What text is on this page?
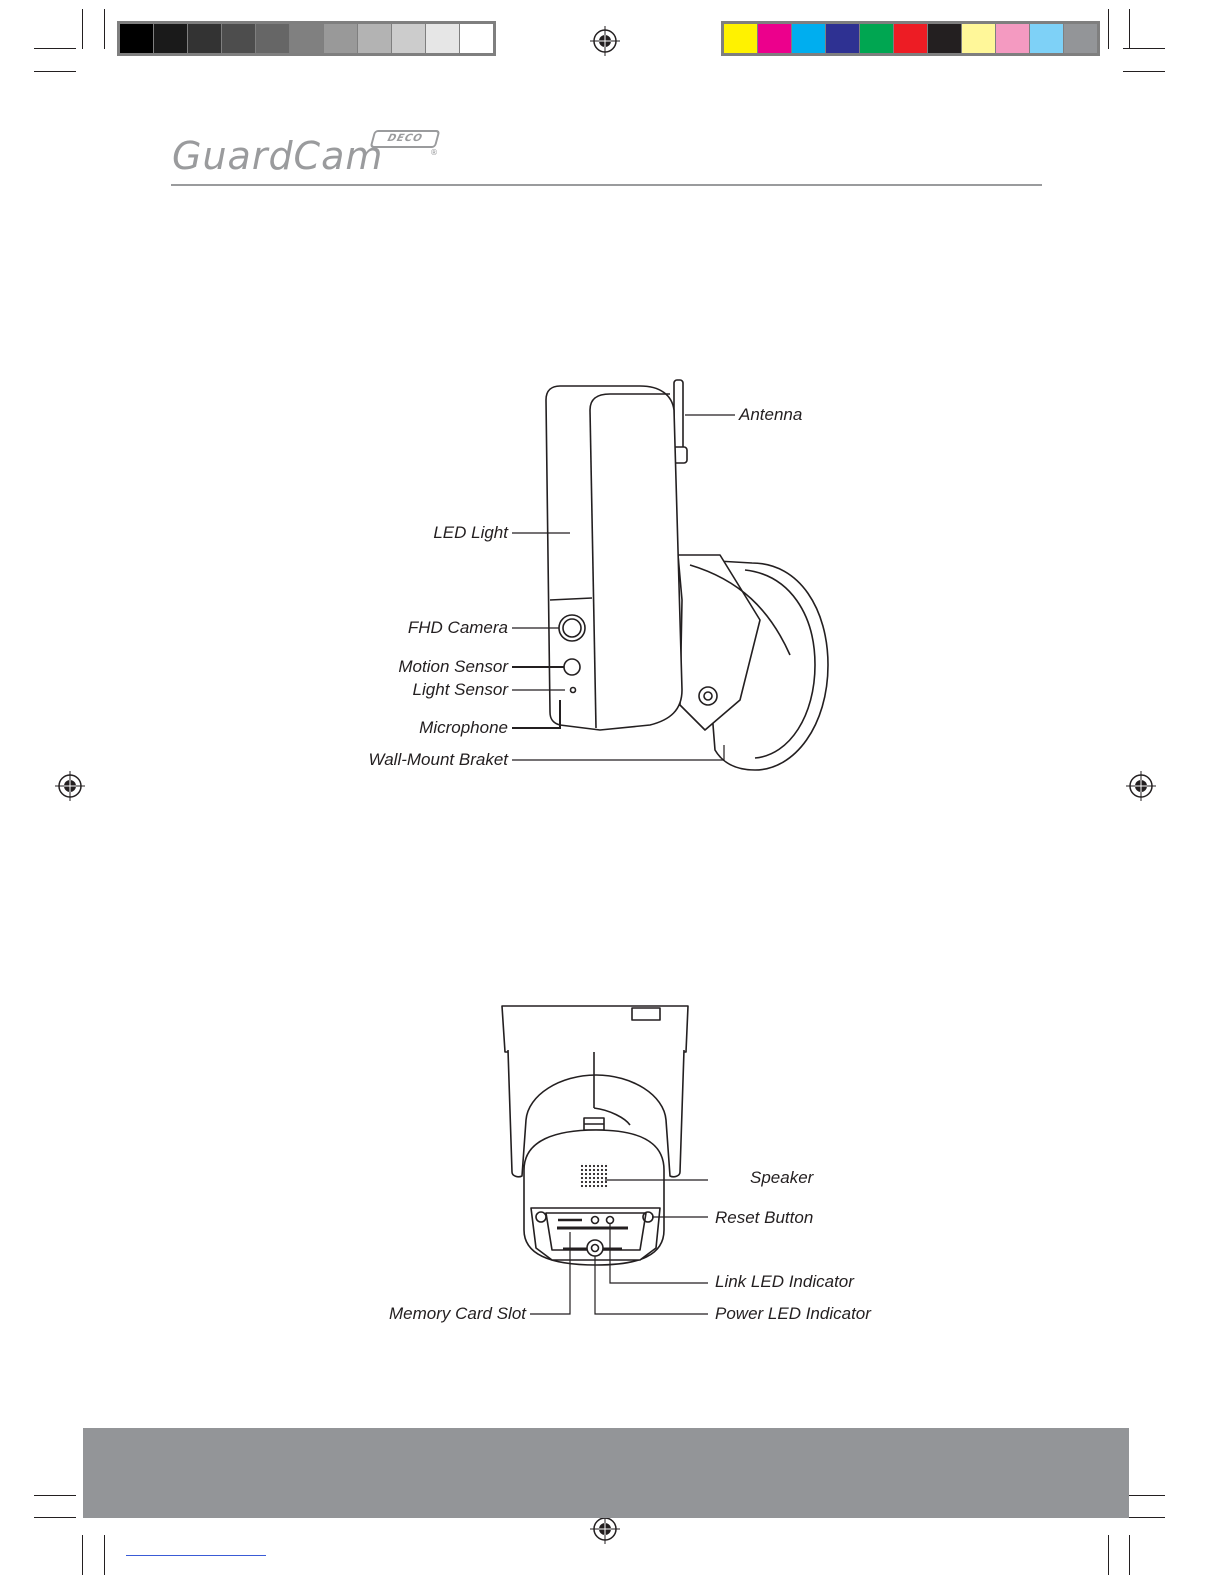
GuardCam DECO
®
Antenna
LED Light
FHD Camera
Motion Sensor
Light Sensor
Microphone
Wall-Mount Braket
Speaker
Reset Button
Link LED Indicator
Memory Card Slot	Power LED Indicator
